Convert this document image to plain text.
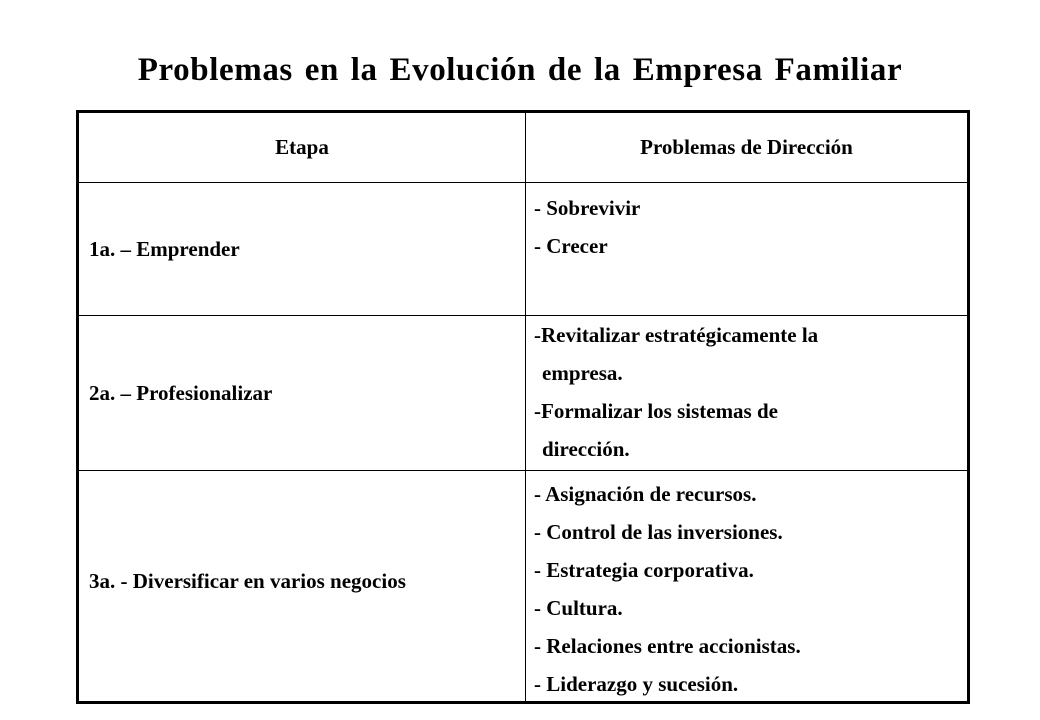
Problemas en la Evolución de la Empresa Familiar
Etapa	Problemas de Dirección
1a. – Emprender
- Sobrevivir
- Crecer
2a. – Profesionalizar
-Revitalizar estratégicamente la
empresa.
-Formalizar los sistemas de
dirección.
3a. - Diversificar en varios negocios
- Asignación de recursos.
- Control de las inversiones.
- Estrategia corporativa.
- Cultura.
- Relaciones entre accionistas.
- Liderazgo y sucesión.
